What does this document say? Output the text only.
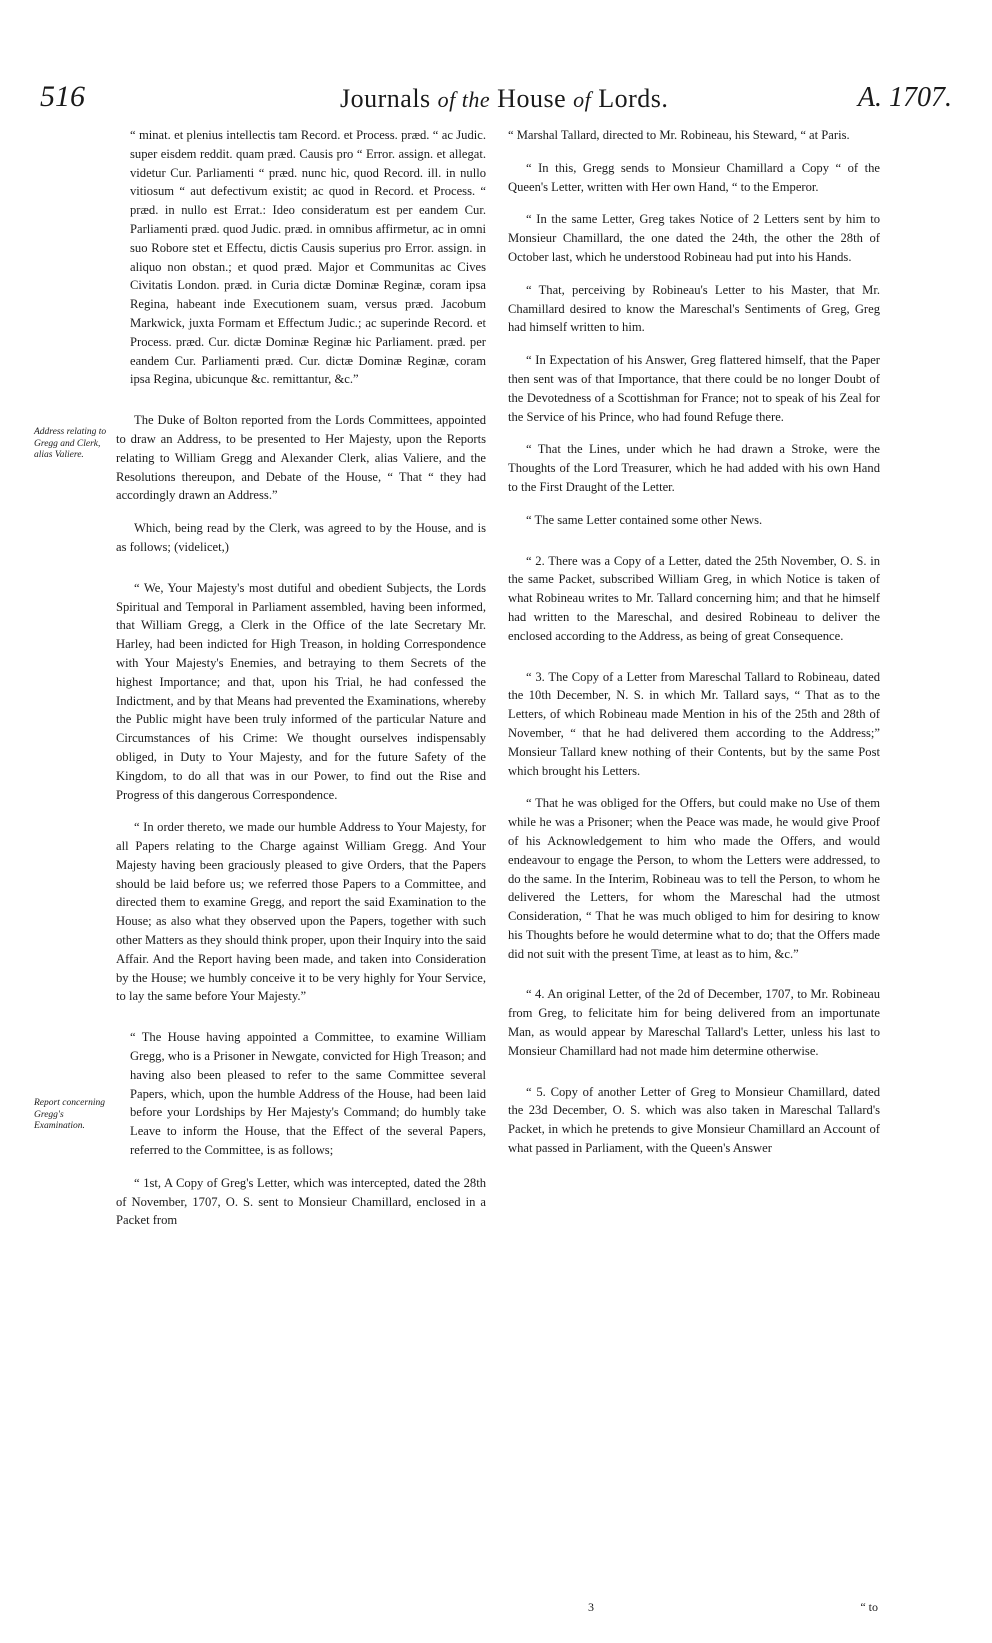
516	Journals of the House of Lords.	A. 1707.
Address relating to Gregg and Clerk, alias Valiere.
Report concerning Gregg's Examination.

“ minat. et plenius intellectis tam Record. et Process. præd. “ ac Judic. super eisdem reddit. quam præd. Causis pro “ Error. assign. et allegat. videtur Cur. Parliamenti “ præd. nunc hic, quod Record. ill. in nullo vitiosum “ aut defectivum existit; ac quod in Record. et Process. “ præd. in nullo est Errat.: Ideo consideratum est per eandem Cur. Parliamenti præd. quod Judic. præd. in omnibus affirmetur, ac in omni suo Robore stet et Effectu, dictis Causis superius pro Error. assign. in aliquo non obstan.; et quod præd. Major et Communitas ac Cives Civitatis London. præd. in Curia dictæ Dominæ Reginæ, coram ipsa Regina, habeant inde Executionem suam, versus præd. Jacobum Markwick, juxta Formam et Effectum Judic.; ac superinde Record. et Process. præd. Cur. dictæ Dominæ Reginæ hic Parliament. præd. per eandem Cur. Parliamenti præd. Cur. dictæ Dominæ Reginæ, coram ipsa Regina, ubicunque &c. remittantur, &c.”

The Duke of Bolton reported from the Lords Committees, appointed to draw an Address, to be presented to Her Majesty, upon the Reports relating to William Gregg and Alexander Clerk, alias Valiere, and the Resolutions thereupon, and Debate of the House, “ That “ they had accordingly drawn an Address.”

Which, being read by the Clerk, was agreed to by the House, and is as follows; (videlicet,)

“ We, Your Majesty's most dutiful and obedient Subjects, the Lords Spiritual and Temporal in Parliament assembled, having been informed, that William Gregg, a Clerk in the Office of the late Secretary Mr. Harley, had been indicted for High Treason, in holding Correspondence with Your Majesty's Enemies, and betraying to them Secrets of the highest Importance; and that, upon his Trial, he had confessed the Indictment, and by that Means had prevented the Examinations, whereby the Public might have been truly informed of the particular Nature and Circumstances of his Crime: We thought ourselves indispensably obliged, in Duty to Your Majesty, and for the future Safety of the Kingdom, to do all that was in our Power, to find out the Rise and Progress of this dangerous Correspondence.

“ In order thereto, we made our humble Address to Your Majesty, for all Papers relating to the Charge against William Gregg. And Your Majesty having been graciously pleased to give Orders, that the Papers should be laid before us; we referred those Papers to a Committee, and directed them to examine Gregg, and report the said Examination to the House; as also what they observed upon the Papers, together with such other Matters as they should think proper, upon their Inquiry into the said Affair. And the Report having been made, and taken into Consideration by the House; we humbly conceive it to be very highly for Your Service, to lay the same before Your Majesty.”

“ The House having appointed a Committee, to examine William Gregg, who is a Prisoner in Newgate, convicted for High Treason; and having also been pleased to refer to the same Committee several Papers, which, upon the humble Address of the House, had been laid before your Lordships by Her Majesty's Command; do humbly take Leave to inform the House, that the Effect of the several Papers, referred to the Committee, is as follows;

“ 1st, A Copy of Greg's Letter, which was intercepted, dated the 28th of November, 1707, O. S. sent to Monsieur Chamillard, enclosed in a Packet from

“ Marshal Tallard, directed to Mr. Robineau, his Steward, “ at Paris.

“ In this, Gregg sends to Monsieur Chamillard a Copy “ of the Queen's Letter, written with Her own Hand, “ to the Emperor.

“ In the same Letter, Greg takes Notice of 2 Letters sent by him to Monsieur Chamillard, the one dated the 24th, the other the 28th of October last, which he understood Robineau had put into his Hands.

“ That, perceiving by Robineau's Letter to his Master, that Mr. Chamillard desired to know the Mareschal's Sentiments of Greg, Greg had himself written to him.

“ In Expectation of his Answer, Greg flattered himself, that the Paper then sent was of that Importance, that there could be no longer Doubt of the Devotedness of a Scottishman for France; not to speak of his Zeal for the Service of his Prince, who had found Refuge there.

“ That the Lines, under which he had drawn a Stroke, were the Thoughts of the Lord Treasurer, which he had added with his own Hand to the First Draught of the Letter.

“ The same Letter contained some other News.

“ 2. There was a Copy of a Letter, dated the 25th November, O. S. in the same Packet, subscribed William Greg, in which Notice is taken of what Robineau writes to Mr. Tallard concerning him; and that he himself had written to the Mareschal, and desired Robineau to deliver the enclosed according to the Address, as being of great Consequence.

“ 3. The Copy of a Letter from Mareschal Tallard to Robineau, dated the 10th December, N. S. in which Mr. Tallard says, “ That as to the Letters, of which Robineau made Mention in his of the 25th and 28th of November, “ that he had delivered them according to the Address;” Monsieur Tallard knew nothing of their Contents, but by the same Post which brought his Letters.

“ That he was obliged for the Offers, but could make no Use of them while he was a Prisoner; when the Peace was made, he would give Proof of his Acknowledgement to him who made the Offers, and would endeavour to engage the Person, to whom the Letters were addressed, to do the same. In the Interim, Robineau was to tell the Person, to whom he delivered the Letters, for whom the Mareschal had the utmost Consideration, “ That he was much obliged to him for desiring to know his Thoughts before he would determine what to do; that the Offers made did not suit with the present Time, at least as to him, &c.”

“ 4. An original Letter, of the 2d of December, 1707, to Mr. Robineau from Greg, to felicitate him for being delivered from an importunate Man, as would appear by Mareschal Tallard's Letter, unless his last to Monsieur Chamillard had not made him determine otherwise.

“ 5. Copy of another Letter of Greg to Monsieur Chamillard, dated the 23d December, O. S. which was also taken in Mareschal Tallard's Packet, in which he pretends to give Monsieur Chamillard an Account of what passed in Parliament, with the Queen's Answer

3	“ to
